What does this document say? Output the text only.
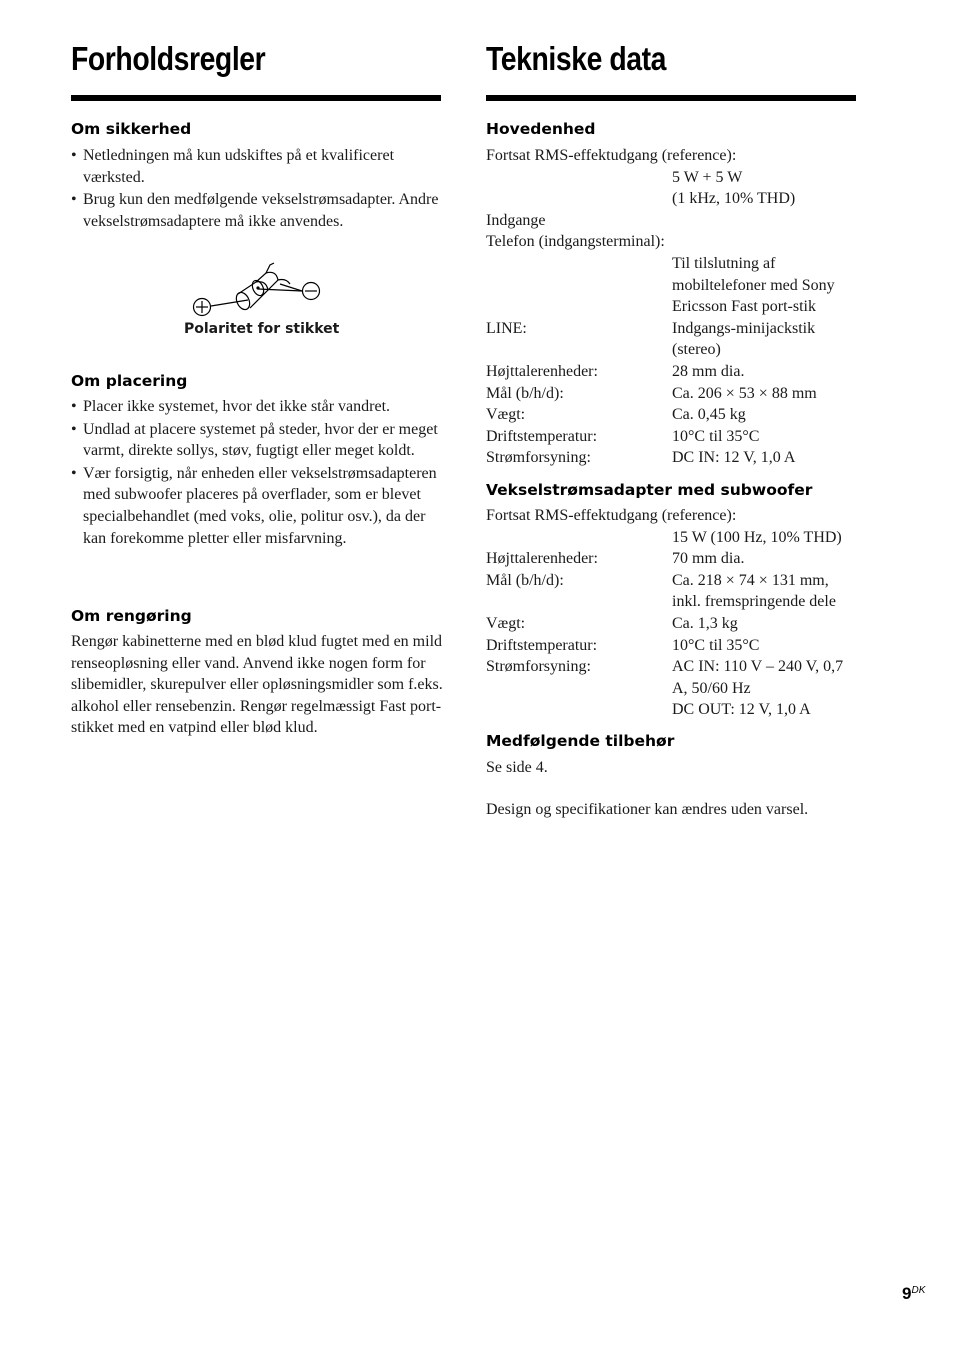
Forholdsregler
Om sikkerhed
• Netledningen må kun udskiftes på et kvalificeret værksted.
• Brug kun den medfølgende vekselstrømsadapter. Andre vekselstrømsadaptere må ikke anvendes.
Polaritet for stikket
Om placering
• Placer ikke systemet, hvor det ikke står vandret.
• Undlad at placere systemet på steder, hvor der er meget varmt, direkte sollys, støv, fugtigt eller meget koldt.
• Vær forsigtig, når enheden eller vekselstrømsadapteren med subwoofer placeres på overflader, som er blevet specialbehandlet (med voks, olie, politur osv.), da der kan forekomme pletter eller misfarvning.
Om rengøring
Rengør kabinetterne med en blød klud fugtet med en mild renseopløsning eller vand. Anvend ikke nogen form for slibemidler, skurepulver eller opløsningsmidler som f.eks. alkohol eller rensebenzin. Rengør regelmæssigt Fast port-stikket med en vatpind eller blød klud.
Tekniske data
Hovedenhed
Fortsat RMS-effektudgang (reference):
5 W + 5 W
(1 kHz, 10% THD)
Indgange
Telefon (indgangsterminal):
Til tilslutning af mobiltelefoner med Sony Ericsson Fast port-stik
LINE:	Indgangs-minijackstik (stereo)
Højttalerenheder:	28 mm dia.
Mål (b/h/d):	Ca. 206 × 53 × 88 mm
Vægt:	Ca. 0,45 kg
Driftstemperatur:	10°C til 35°C
Strømforsyning:	DC IN: 12 V, 1,0 A
Vekselstrømsadapter med subwoofer
Fortsat RMS-effektudgang (reference):
15 W (100 Hz, 10% THD)
Højttalerenheder:	70 mm dia.
Mål (b/h/d):	Ca. 218 × 74 × 131 mm, inkl. fremspringende dele
Vægt:	Ca. 1,3 kg
Driftstemperatur:	10°C til 35°C
Strømforsyning:	AC IN: 110 V – 240 V, 0,7 A, 50/60 Hz
DC OUT: 12 V, 1,0 A
Medfølgende tilbehør
Se side 4.
Design og specifikationer kan ændres uden varsel.
$9^{DK}$
